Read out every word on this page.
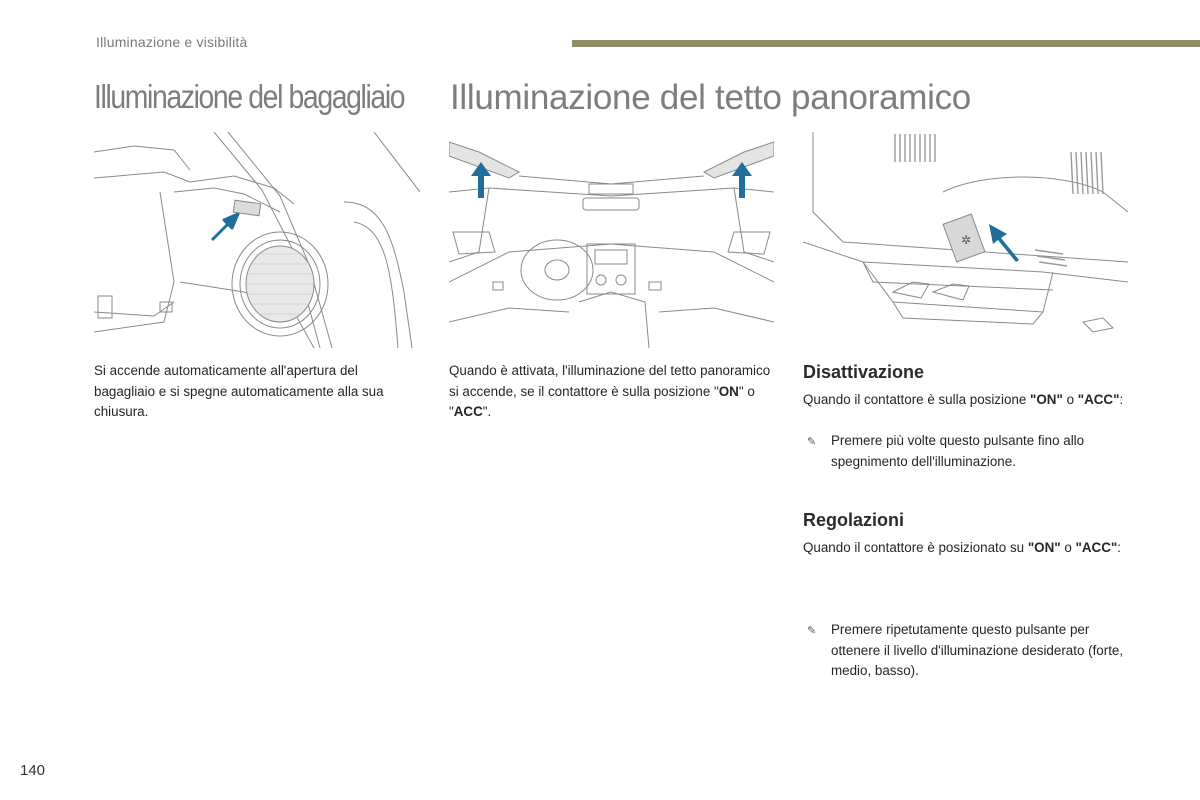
Illuminazione e visibilità
Illuminazione del bagagliaio Illuminazione del tetto panoramico
✲
Si accende automaticamente all'apertura del bagagliaio e si spegne automaticamente alla sua chiusura.
Quando è attivata, l'illuminazione del tetto panoramico si accende, se il contattore è sulla posizione "ON" o "ACC".
Disattivazione
Quando il contattore è sulla posizione "ON" o "ACC":
✎ Premere più volte questo pulsante fino allo spegnimento dell'illuminazione.
Regolazioni
Quando il contattore è posizionato su "ON" o "ACC":
✎ Premere ripetutamente questo pulsante per ottenere il livello d'illuminazione desiderato (forte, medio, basso).
140
